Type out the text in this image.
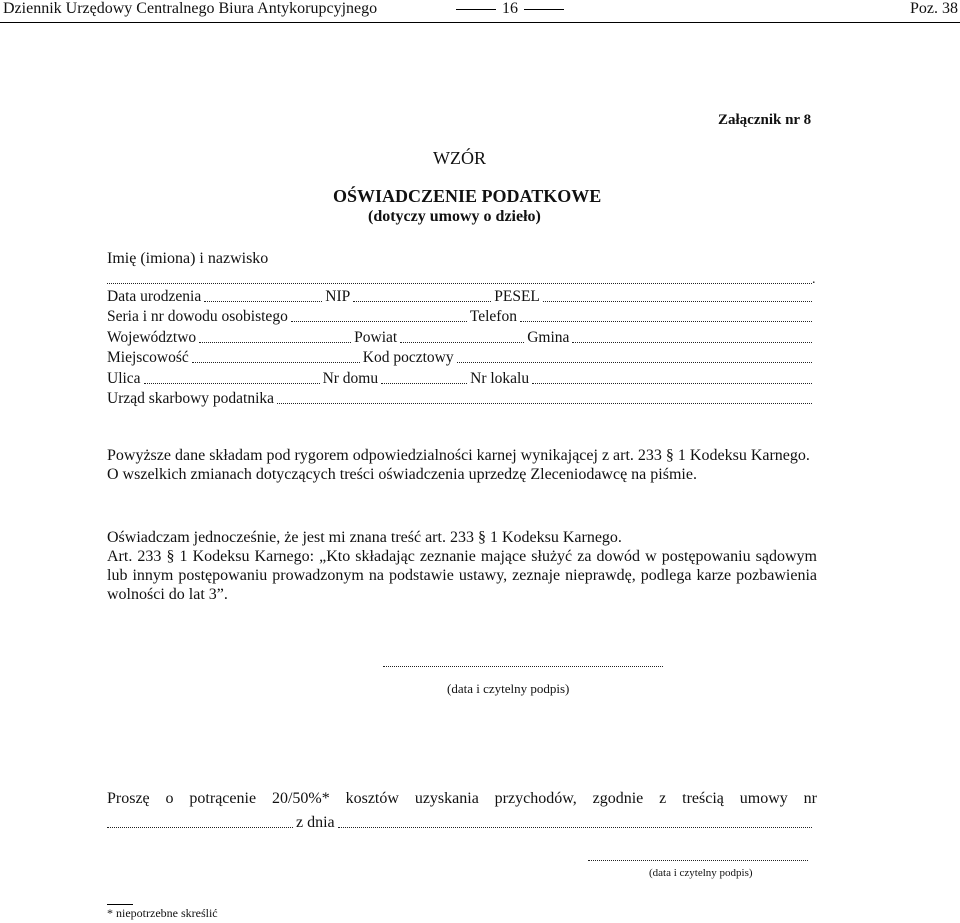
Dziennik Urzędowy Centralnego Biura Antykorupcyjnego	16	Poz. 38
Załącznik nr 8
WZÓR
OŚWIADCZENIE PODATKOWE
(dotyczy umowy o dzieło)
Imię (imiona) i nazwisko
.
Data urodzenia	NIP	PESEL
Seria i nr dowodu osobistego	Telefon
Województwo	Powiat	Gmina
Miejscowość	Kod pocztowy
Ulica	Nr domu	Nr lokalu
Urząd skarbowy podatnika

Powyższe dane składam pod rygorem odpowiedzialności karnej wynikającej z art. 233 § 1 Kodeksu Karnego.

O wszelkich zmianach dotyczących treści oświadczenia uprzedzę Zleceniodawcę na piśmie.

Oświadczam jednocześnie, że jest mi znana treść art. 233 § 1 Kodeksu Karnego.

Art. 233 § 1 Kodeksu Karnego: „Kto składając zeznanie mające służyć za dowód w postępowaniu sądowym lub innym postępowaniu prowadzonym na podstawie ustawy, zeznaje nieprawdę, podlega karze pozbawienia wolności do lat 3”.

(data i czytelny podpis)
Proszę o potrącenie 20/50%* kosztów uzyskania przychodów, zgodnie z treścią umowy nr
z dnia
(data i czytelny podpis)
* niepotrzebne skreślić
